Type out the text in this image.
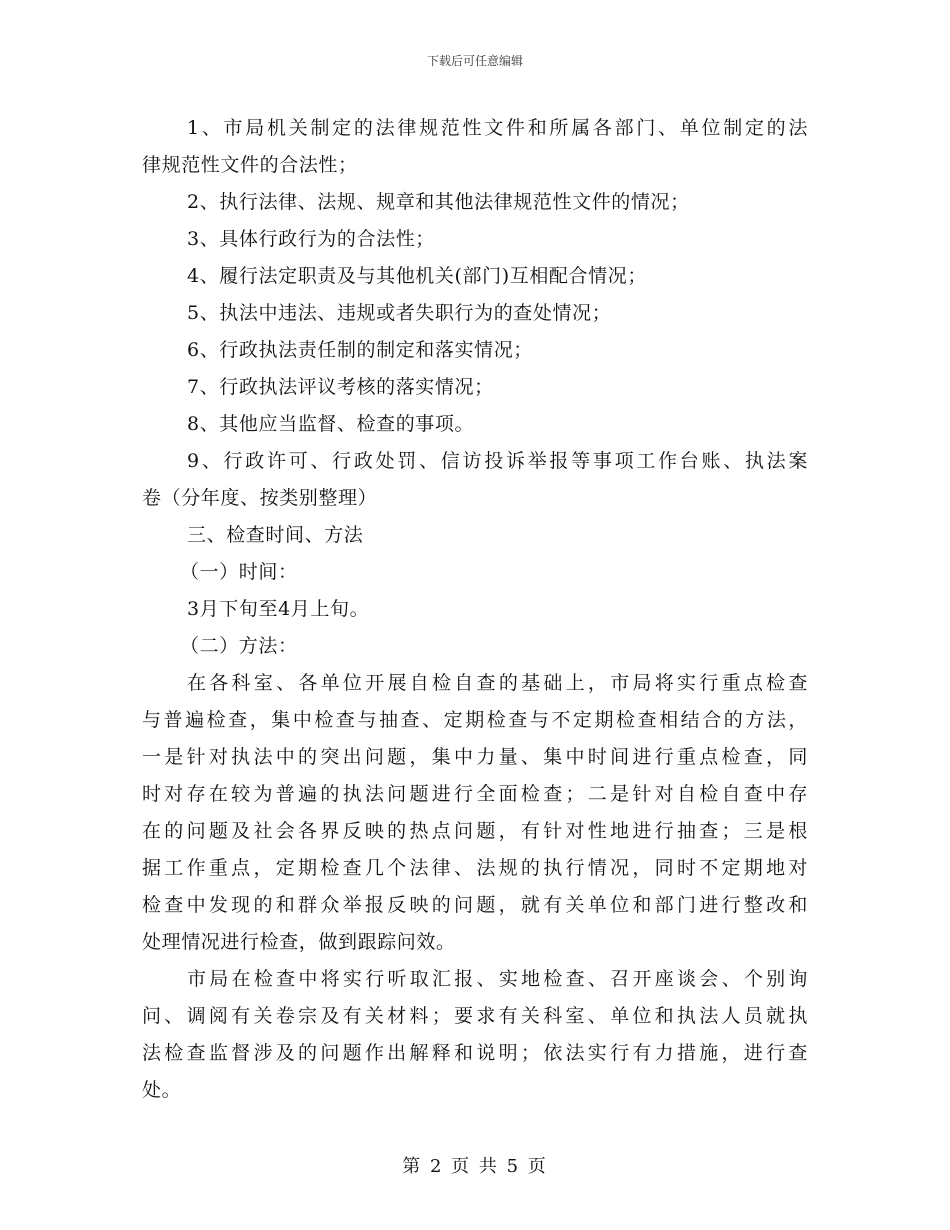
下载后可任意编辑
1、市局机关制定的法律规范性文件和所属各部门、单位制定的法
律规范性文件的合法性；
2、执行法律、法规、规章和其他法律规范性文件的情况；
3、具体行政行为的合法性；
4、履行法定职责及与其他机关(部门)互相配合情况；
5、执法中违法、违规或者失职行为的查处情况；
6、行政执法责任制的制定和落实情况；
7、行政执法评议考核的落实情况；
8、其他应当监督、检查的事项。
9、行政许可、行政处罚、信访投诉举报等事项工作台账、执法案
卷（分年度、按类别整理）
三、检查时间、方法
（一）时间：
3月下旬至4月上旬。
（二）方法：
在各科室、各单位开展自检自查的基础上，市局将实行重点检查
与普遍检查，集中检查与抽查、定期检查与不定期检查相结合的方法，
一是针对执法中的突出问题，集中力量、集中时间进行重点检查，同
时对存在较为普遍的执法问题进行全面检查；二是针对自检自查中存
在的问题及社会各界反映的热点问题，有针对性地进行抽查；三是根
据工作重点，定期检查几个法律、法规的执行情况，同时不定期地对
检查中发现的和群众举报反映的问题，就有关单位和部门进行整改和
处理情况进行检查，做到跟踪问效。
市局在检查中将实行听取汇报、实地检查、召开座谈会、个别询
问、调阅有关卷宗及有关材料；要求有关科室、单位和执法人员就执
法检查监督涉及的问题作出解释和说明；依法实行有力措施，进行查
处。
第 2 页 共 5 页
